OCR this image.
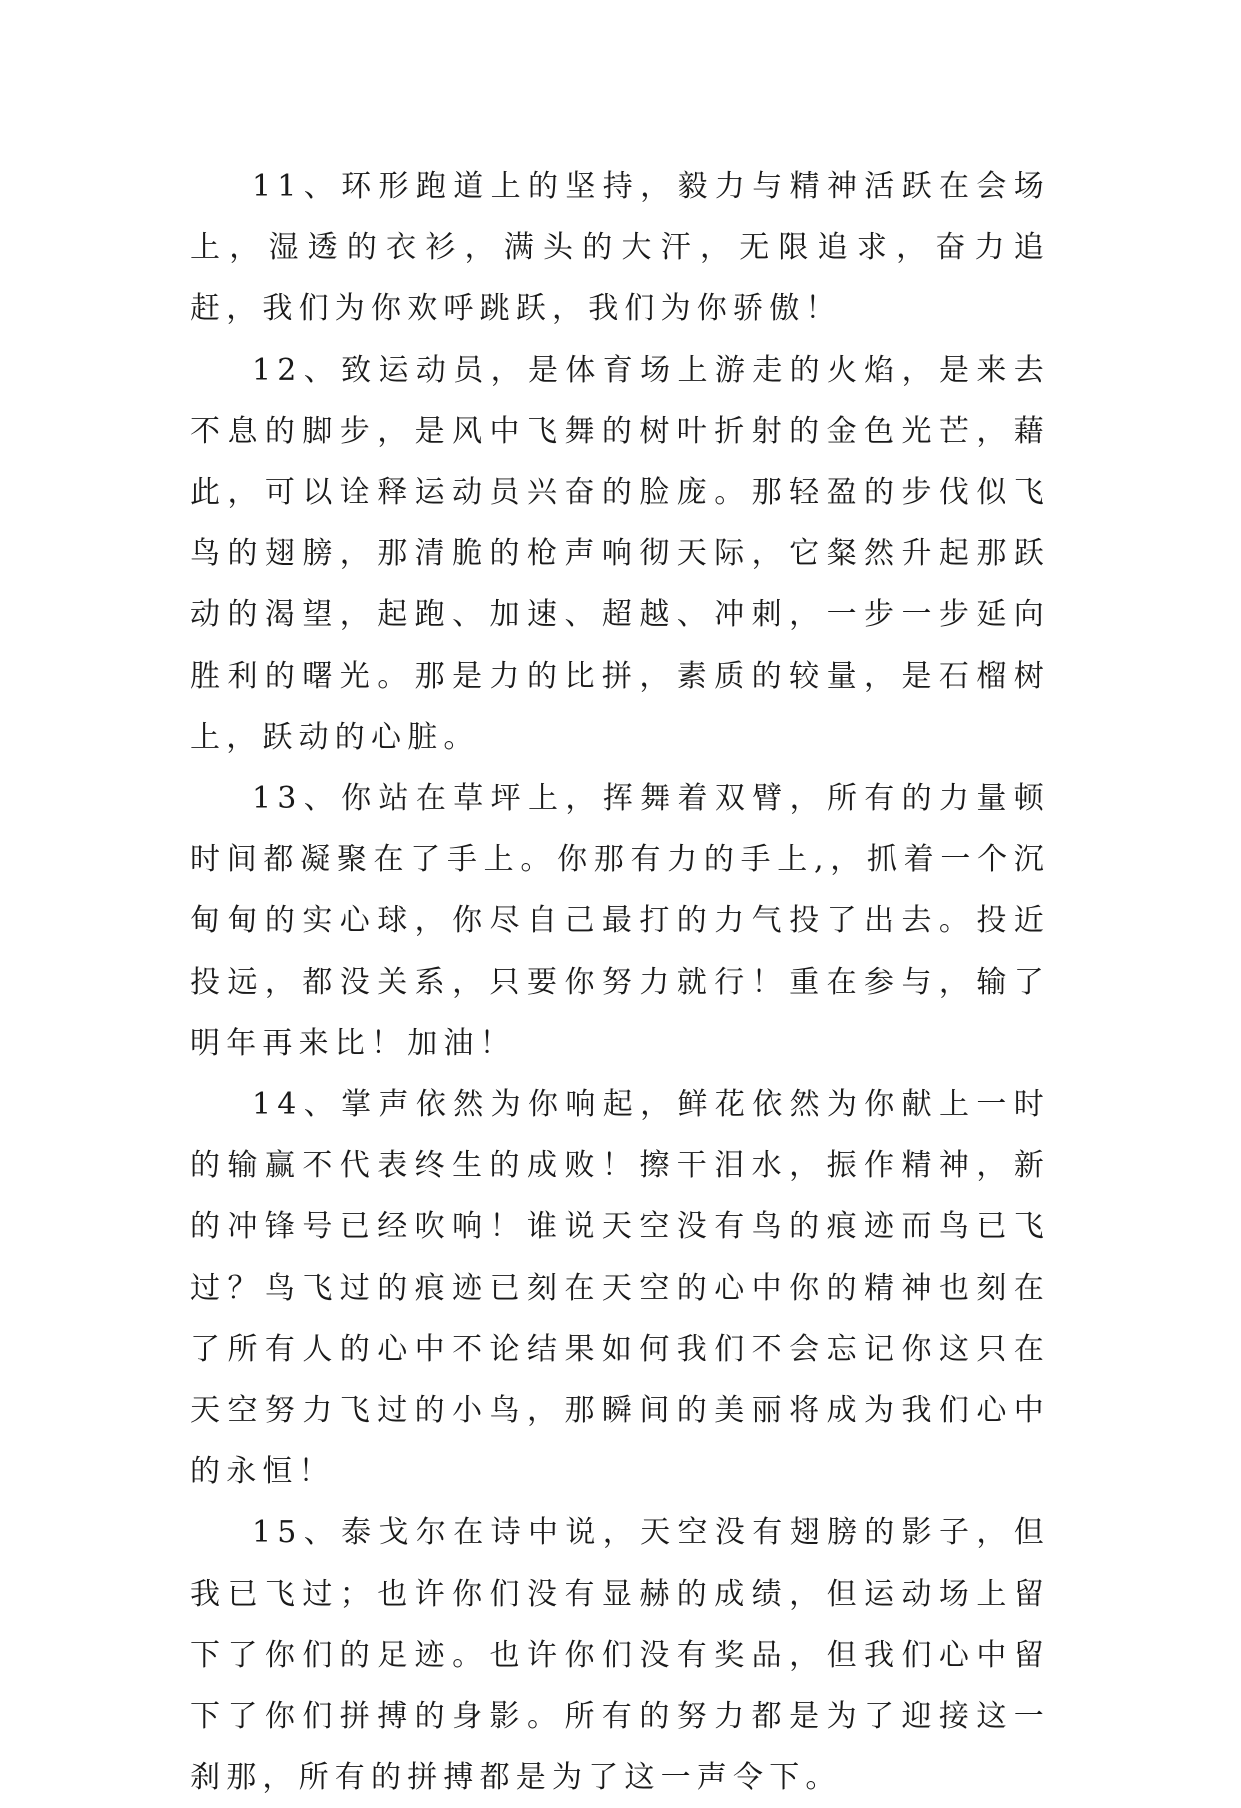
11、环形跑道上的坚持，毅力与精神活跃在会场上，湿透的衣衫，满头的大汗，无限追求，奋力追赶，我们为你欢呼跳跃，我们为你骄傲！

12、致运动员，是体育场上游走的火焰，是来去不息的脚步，是风中飞舞的树叶折射的金色光芒，藉此，可以诠释运动员兴奋的脸庞。那轻盈的步伐似飞鸟的翅膀，那清脆的枪声响彻天际，它粲然升起那跃动的渴望，起跑、加速、超越、冲刺，一步一步延向胜利的曙光。那是力的比拼，素质的较量，是石榴树上，跃动的心脏。

13、你站在草坪上，挥舞着双臂，所有的力量顿时间都凝聚在了手上。你那有力的手上,，抓着一个沉甸甸的实心球，你尽自己最打的力气投了出去。投近投远，都没关系，只要你努力就行！重在参与，输了明年再来比！加油！

14、掌声依然为你响起，鲜花依然为你献上一时的输赢不代表终生的成败！擦干泪水，振作精神，新的冲锋号已经吹响！谁说天空没有鸟的痕迹而鸟已飞过？鸟飞过的痕迹已刻在天空的心中你的精神也刻在了所有人的心中不论结果如何我们不会忘记你这只在天空努力飞过的小鸟，那瞬间的美丽将成为我们心中的永恒！

15、泰戈尔在诗中说，天空没有翅膀的影子，但我已飞过；也许你们没有显赫的成绩，但运动场上留下了你们的足迹。也许你们没有奖品，但我们心中留下了你们拼搏的身影。所有的努力都是为了迎接这一刹那，所有的拼搏都是为了这一声令下。
